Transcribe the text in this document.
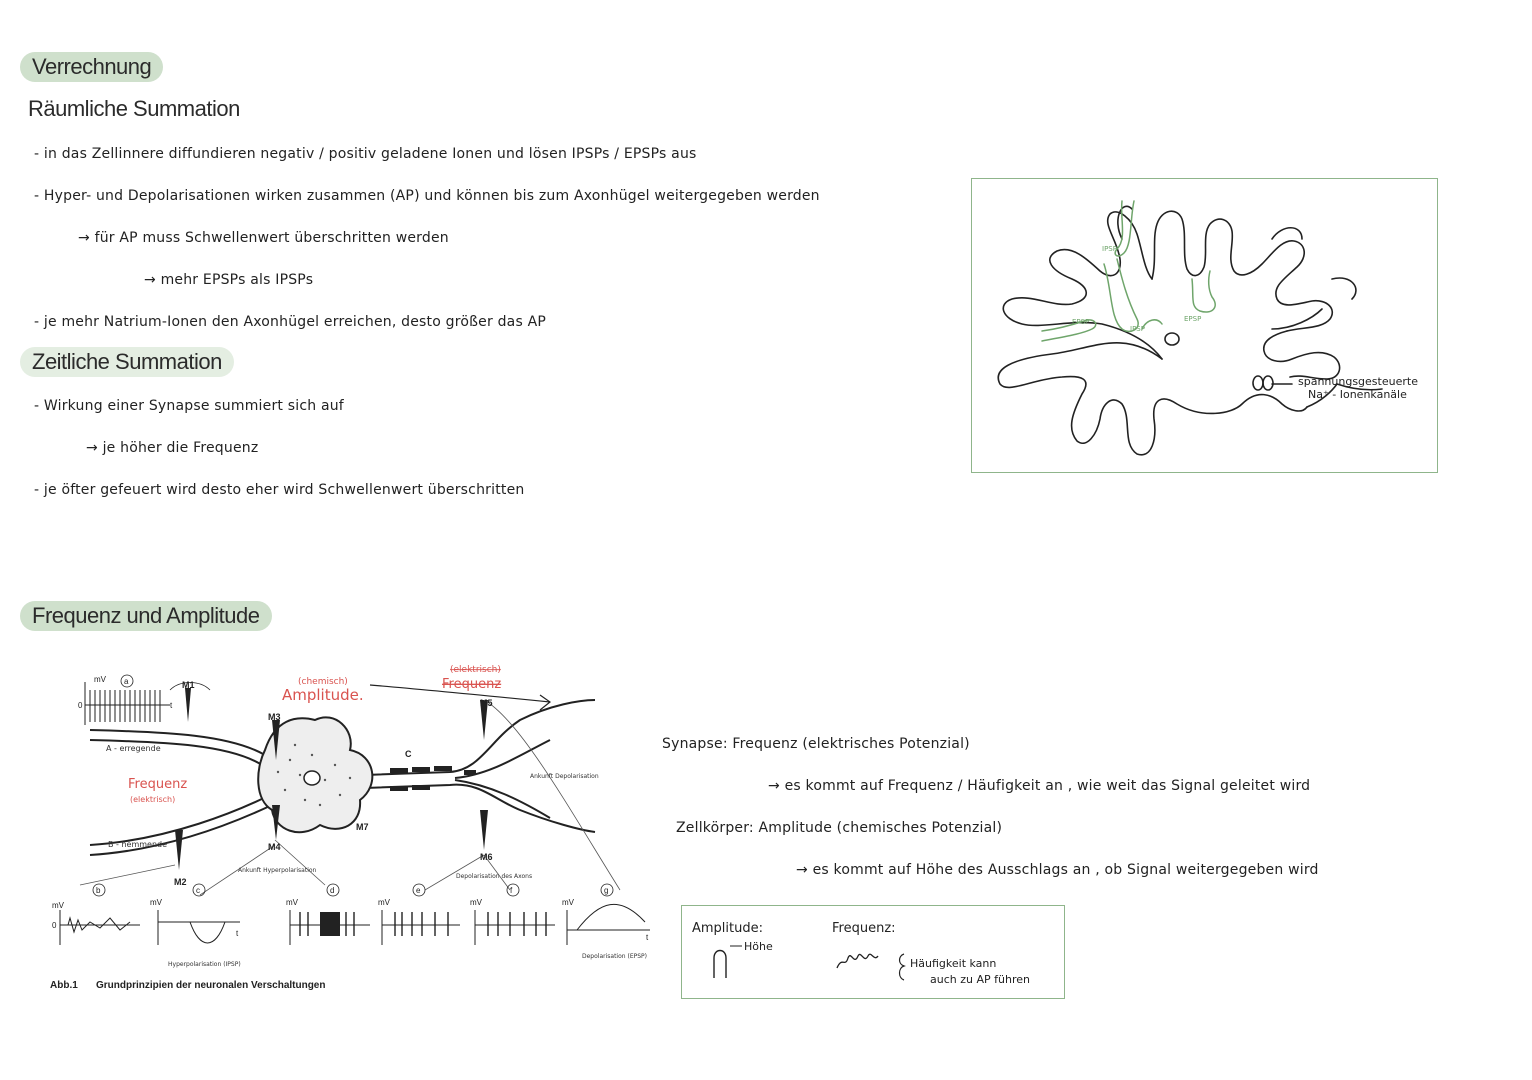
Verrechnung
Räumliche Summation
- in das Zellinnere diffundieren negativ / positiv geladene Ionen und lösen IPSPs / EPSPs aus
- Hyper- und Depolarisationen wirken zusammen (AP) und können bis zum Axonhügel weitergegeben werden
→ für AP muss Schwellenwert überschritten werden
→ mehr EPSPs als IPSPs
- je mehr Natrium-Ionen den Axonhügel erreichen, desto größer das AP
Zeitliche Summation
- Wirkung einer Synapse summiert sich auf
→ je höher die Frequenz
- je öfter gefeuert wird desto eher wird Schwellenwert überschritten
IPSP
EPSP
IPSP
EPSP
spannungsgesteuerte
Na⁺ - Ionenkanäle
Frequenz und Amplitude
Synapse: Frequenz (elektrisches Potenzial)
→ es kommt auf Frequenz / Häufigkeit an , wie weit das Signal geleitet wird
Zellkörper: Amplitude (chemisches Potenzial)
→ es kommt auf Höhe des Ausschlags an , ob Signal weitergegeben wird
Amplitude:
Höhe
Frequenz:
Häufigkeit kann
auch zu AP führen
M1
M2
M3
M4
M5
M6
M7
C
a
b	c	d	e	f	g
mV
mV	mV	mV	mV	mV	mV
0
0
t
t	t
A - erregende
B - hemmende
Ankunft Depolarisation
Ankunft Hyperpolarisation
Depolarisation des Axons
Hyperpolarisation (IPSP)
Depolarisation (EPSP)
(chemisch)
Amplitude.
(elektrisch)
Frequenz
Frequenz
(elektrisch)
Abb.1 Grundprinzipien der neuronalen Verschaltungen
